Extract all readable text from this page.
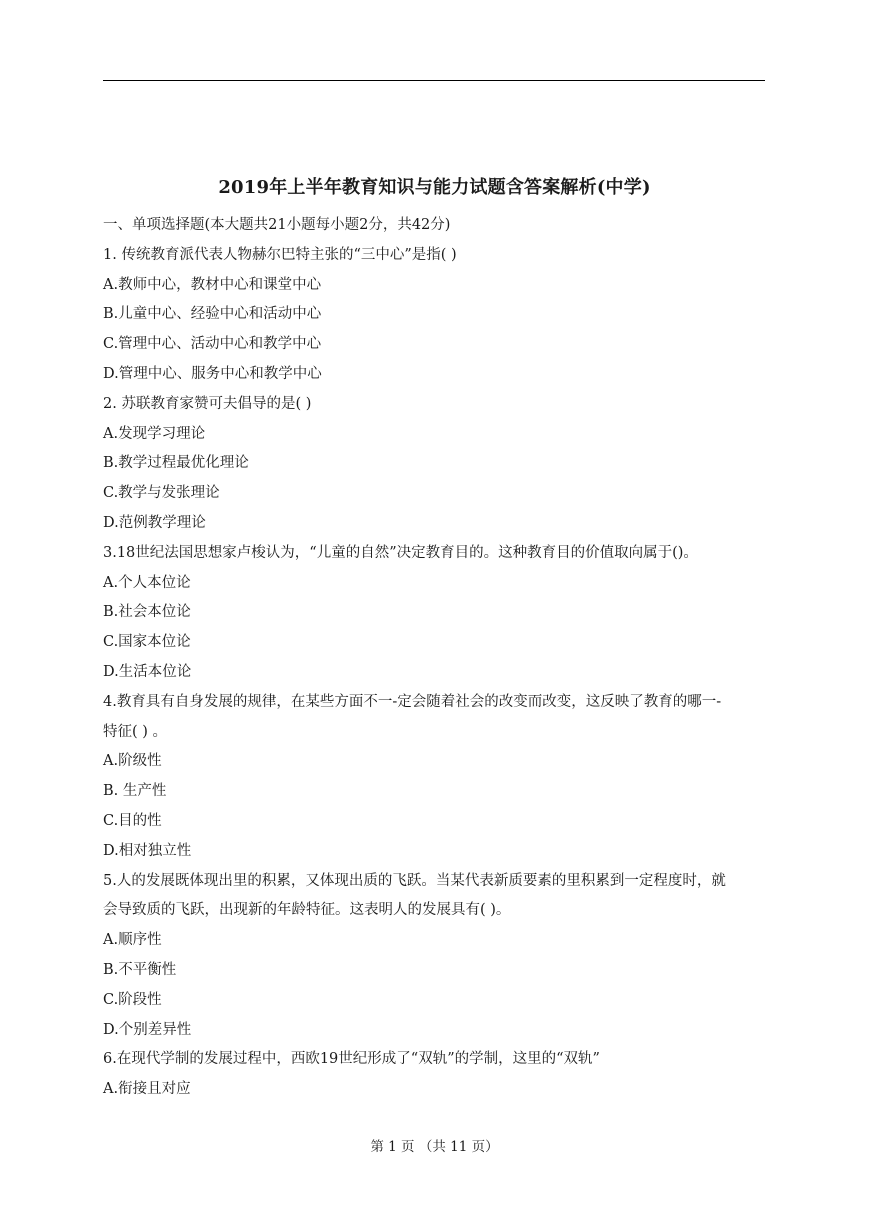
2019年上半年教育知识与能力试题含答案解析(中学)
一、单项选择题(本大题共21小题每小题2分，共42分)
1. 传统教育派代表人物赫尔巴特主张的“三中心”是指( )
A.教师中心，教材中心和课堂中心
B.儿童中心、经验中心和活动中心
C.管理中心、活动中心和教学中心
D.管理中心、服务中心和教学中心
2. 苏联教育家赞可夫倡导的是( )
A.发现学习理论
B.教学过程最优化理论
C.教学与发张理论
D.范例教学理论
3.18世纪法国思想家卢梭认为，“儿童的自然”决定教育目的。这种教育目的价值取向属于()。
A.个人本位论
B.社会本位论
C.国家本位论
D.生活本位论
4.教育具有自身发展的规律，在某些方面不一-定会随着社会的改变而改变，这反映了教育的哪一-
特征( ) 。
A.阶级性
B. 生产性
C.目的性
D.相对独立性
5.人的发展既体现出里的积累，又体现出质的飞跃。当某代表新质要素的里积累到一定程度时，就
会导致质的飞跃，出现新的年龄特征。这表明人的发展具有( )。
A.顺序性
B.不平衡性
C.阶段性
D.个别差异性
6.在现代学制的发展过程中，西欧19世纪形成了“双轨”的学制，这里的“双轨”
A.衔接且对应
第 1 页 （共 11 页）
